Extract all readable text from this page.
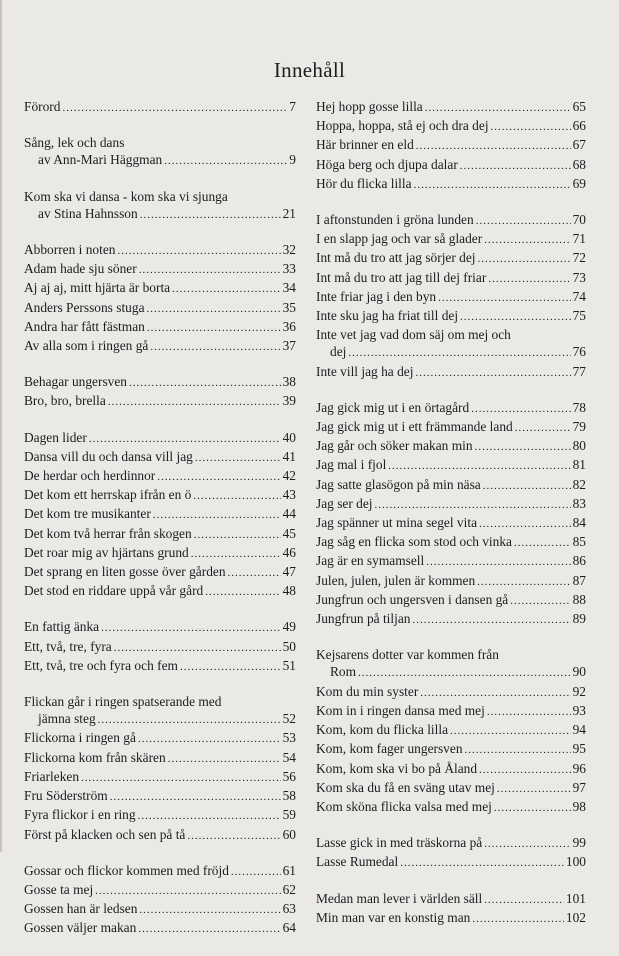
Innehåll
Förord .....	7
Sång, lek och dans
av Ann-Mari Häggman .....	9
Kom ska vi dansa - kom ska vi sjunga
av Stina Hahnsson .....	21
Abborren i noten .....	32
Adam hade sju söner .....	33
Aj aj aj, mitt hjärta är borta .....	34
Anders Perssons stuga .....	35
Andra har fått fästman .....	36
Av alla som i ringen gå .....	37
Behagar ungersven .....	38
Bro, bro, brella .....	39
Dagen lider .....	40
Dansa vill du och dansa vill jag .....	41
De herdar och herdinnor .....	42
Det kom ett herrskap ifrån en ö .....	43
Det kom tre musikanter .....	44
Det kom två herrar från skogen .....	45
Det roar mig av hjärtans grund .....	46
Det sprang en liten gosse över gården .....	47
Det stod en riddare uppå vår gård .....	48
En fattig änka .....	49
Ett, två, tre, fyra .....	50
Ett, två, tre och fyra och fem .....	51
Flickan går i ringen spatserande med
jämna steg .....	52
Flickorna i ringen gå .....	53
Flickorna kom från skären .....	54
Friarleken .....	56
Fru Söderström .....	58
Fyra flickor i en ring .....	59
Först på klacken och sen på tå .....	60
Gossar och flickor kommen med fröjd .....	61
Gosse ta mej .....	62
Gossen han är ledsen .....	63
Gossen väljer makan .....	64
Hej hopp gosse lilla .....	65
Hoppa, hoppa, stå ej och dra dej .....	66
Här brinner en eld .....	67
Höga berg och djupa dalar .....	68
Hör du flicka lilla .....	69
I aftonstunden i gröna lunden .....	70
I en slapp jag och var så glader .....	71
Int må du tro att jag sörjer dej .....	72
Int må du tro att jag till dej friar .....	73
Inte friar jag i den byn .....	74
Inte sku jag ha friat till dej .....	75
Inte vet jag vad dom säj om mej och
dej .....	76
Inte vill jag ha dej .....	77
Jag gick mig ut i en örtagård .....	78
Jag gick mig ut i ett främmande land .....	79
Jag går och söker makan min .....	80
Jag mal i fjol .....	81
Jag satte glasögon på min näsa .....	82
Jag ser dej .....	83
Jag spänner ut mina segel vita .....	84
Jag såg en flicka som stod och vinka .....	85
Jag är en symamsell .....	86
Julen, julen, julen är kommen .....	87
Jungfrun och ungersven i dansen gå .....	88
Jungfrun på tiljan .....	89
Kejsarens dotter var kommen från
Rom .....	90
Kom du min syster .....	92
Kom in i ringen dansa med mej .....	93
Kom, kom du flicka lilla .....	94
Kom, kom fager ungersven .....	95
Kom, kom ska vi bo på Åland .....	96
Kom ska du få en sväng utav mej .....	97
Kom sköna flicka valsa med mej .....	98
Lasse gick in med träskorna på .....	99
Lasse Rumedal .....	100
Medan man lever i världen säll .....	101
Min man var en konstig man .....	102
